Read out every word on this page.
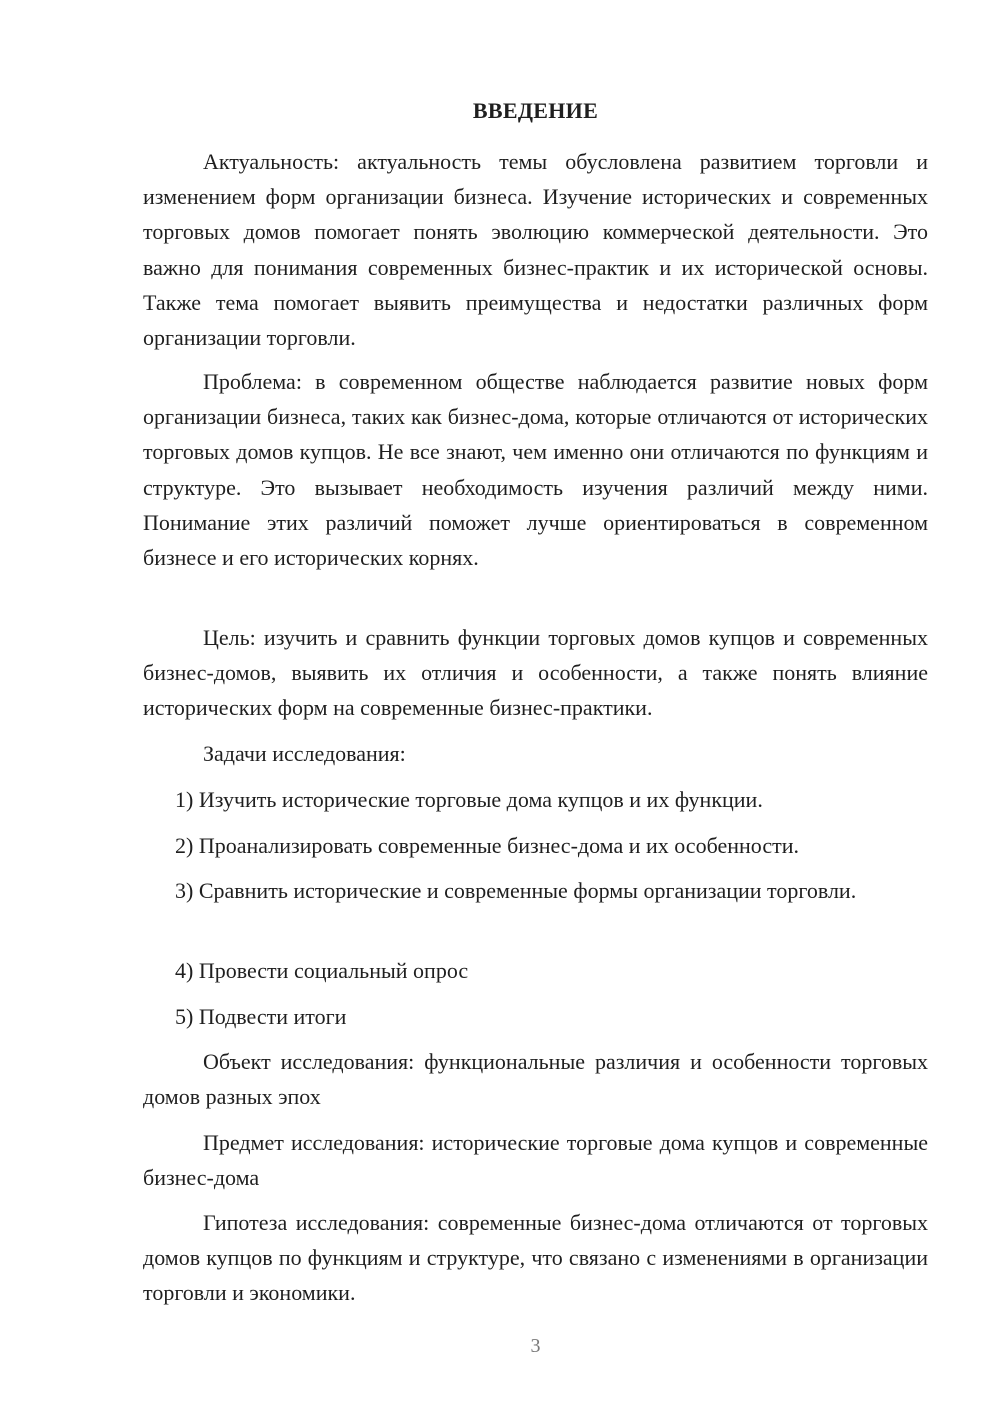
ВВЕДЕНИЕ

Актуальность: актуальность темы обусловлена развитием торговли и изменением форм организации бизнеса. Изучение исторических и современных торговых домов помогает понять эволюцию коммерческой деятельности. Это важно для понимания современных бизнес-практик и их исторической основы. Также тема помогает выявить преимущества и недостатки различных форм организации торговли.

Проблема: в современном обществе наблюдается развитие новых форм организации бизнеса, таких как бизнес-дома, которые отличаются от исторических торговых домов купцов. Не все знают, чем именно они отличаются по функциям и структуре. Это вызывает необходимость изучения различий между ними. Понимание этих различий поможет лучше ориентироваться в современном бизнесе и его исторических корнях.

Цель: изучить и сравнить функции торговых домов купцов и современных бизнес-домов, выявить их отличия и особенности, а также понять влияние исторических форм на современные бизнес-практики.

Задачи исследования:

1) Изучить исторические торговые дома купцов и их функции.

2) Проанализировать современные бизнес-дома и их особенности.

3) Сравнить исторические и современные формы организации торговли.

4) Провести социальный опрос

5) Подвести итоги

Объект исследования: функциональные различия и особенности торговых домов разных эпох

Предмет исследования: исторические торговые дома купцов и современные бизнес-дома

Гипотеза исследования: современные бизнес-дома отличаются от торговых домов купцов по функциям и структуре, что связано с изменениями в организации торговли и экономики.

3
